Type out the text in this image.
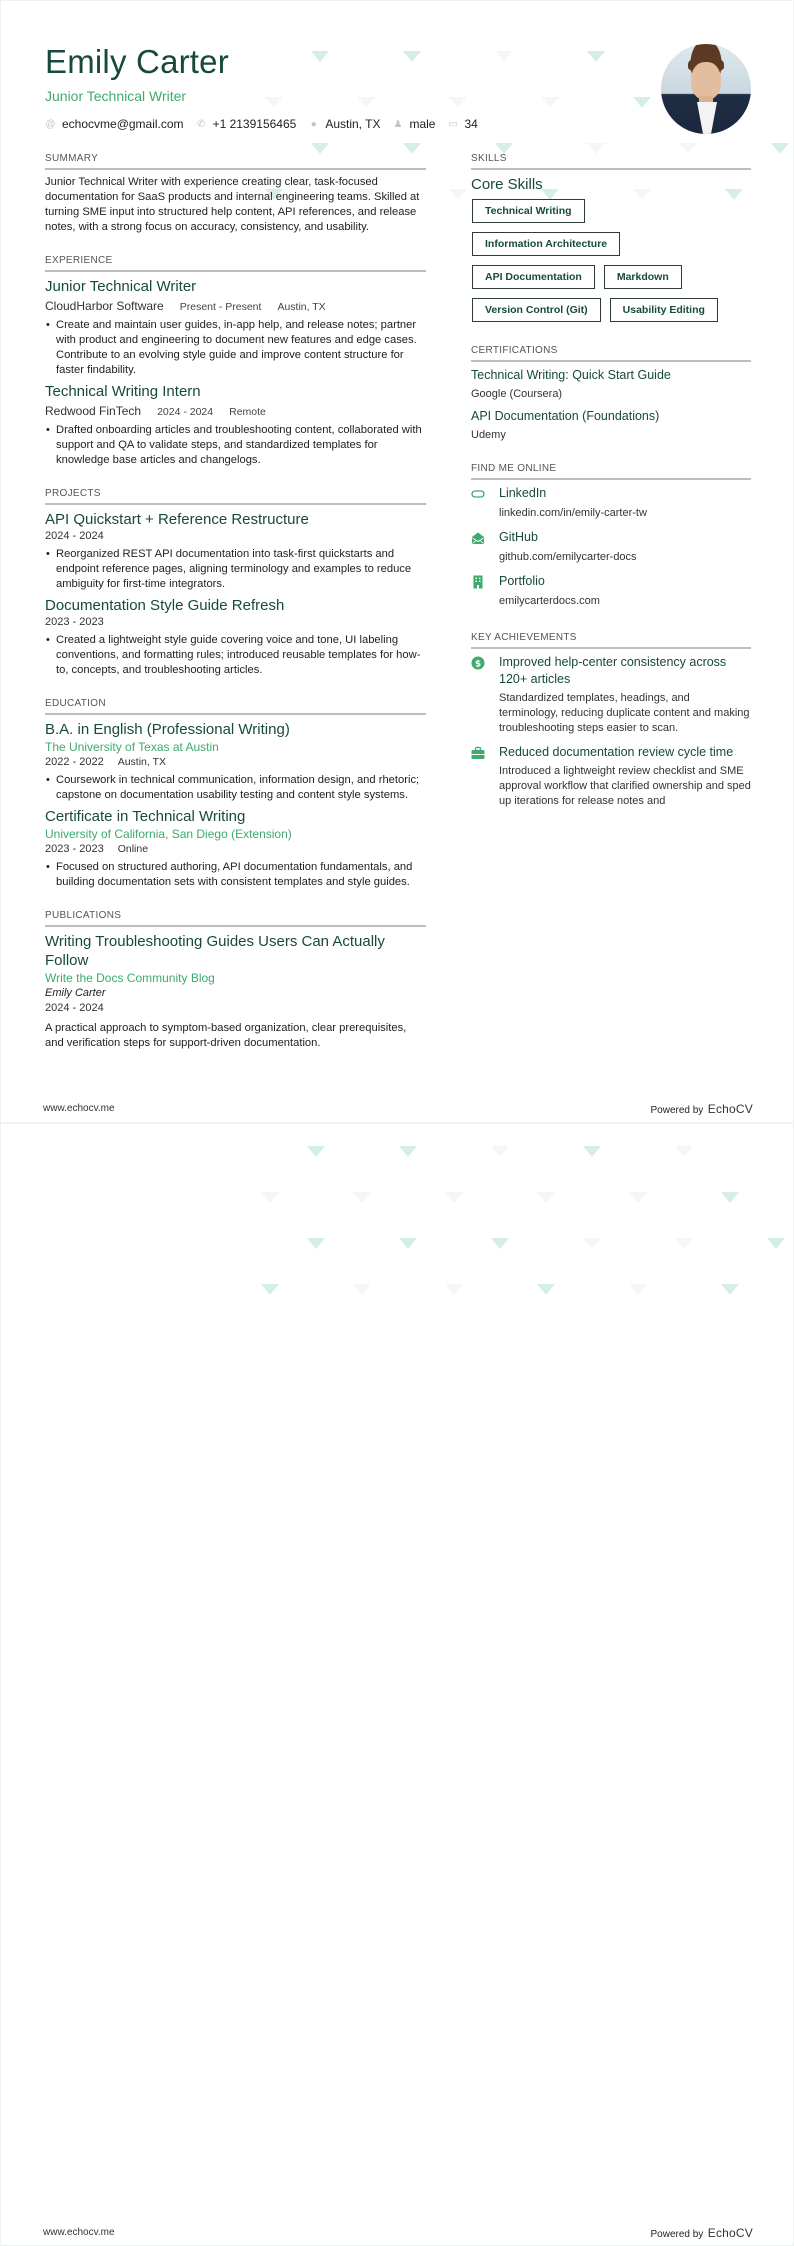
Emily Carter
Junior Technical Writer
@ echocvme@gmail.com ✆ +1 2139156465 ● Austin, TX ♟ male ▭ 34
SUMMARY

Junior Technical Writer with experience creating clear, task-focused documentation for SaaS products and internal engineering teams. Skilled at turning SME input into structured help content, API references, and release notes, with a strong focus on accuracy, consistency, and usability.

EXPERIENCE
Junior Technical Writer
CloudHarbor Software Present - Present Austin, TX
• Create and maintain user guides, in-app help, and release notes; partner with product and engineering to document new features and edge cases. Contribute to an evolving style guide and improve content structure for faster findability.
Technical Writing Intern
Redwood FinTech 2024 - 2024 Remote
• Drafted onboarding articles and troubleshooting content, collaborated with support and QA to validate steps, and standardized templates for knowledge base articles and changelogs.
PROJECTS
API Quickstart + Reference Restructure
2024 - 2024
• Reorganized REST API documentation into task-first quickstarts and endpoint reference pages, aligning terminology and examples to reduce ambiguity for first-time integrators.
Documentation Style Guide Refresh
2023 - 2023
• Created a lightweight style guide covering voice and tone, UI labeling conventions, and formatting rules; introduced reusable templates for how-to, concepts, and troubleshooting articles.
EDUCATION
B.A. in English (Professional Writing)
The University of Texas at Austin
2022 - 2022 Austin, TX
• Coursework in technical communication, information design, and rhetoric; capstone on documentation usability testing and content style systems.
Certificate in Technical Writing
University of California, San Diego (Extension)
2023 - 2023 Online
• Focused on structured authoring, API documentation fundamentals, and building documentation sets with consistent templates and style guides.
PUBLICATIONS
Writing Troubleshooting Guides Users Can Actually Follow
Write the Docs Community Blog
Emily Carter
2024 - 2024

A practical approach to symptom-based organization, clear prerequisites, and verification steps for support-driven documentation.

SKILLS
Core Skills
Technical Writing
Information Architecture
API Documentation	Markdown
Version Control (Git)	Usability Editing
CERTIFICATIONS
Technical Writing: Quick Start Guide
Google (Coursera)
API Documentation (Foundations)
Udemy
FIND ME ONLINE
LinkedIn
linkedin.com/in/emily-carter-tw
GitHub
github.com/emilycarter-docs
Portfolio
emilycarterdocs.com
KEY ACHIEVEMENTS
$ Improved help-center consistency across 120+ articles
Standardized templates, headings, and terminology, reducing duplicate content and making troubleshooting steps easier to scan.
Reduced documentation review cycle time
Introduced a lightweight review checklist and SME approval workflow that clarified ownership and sped up iterations for release notes and
www.echocv.me	Powered by EchoCV
www.echocv.me	Powered by EchoCV
